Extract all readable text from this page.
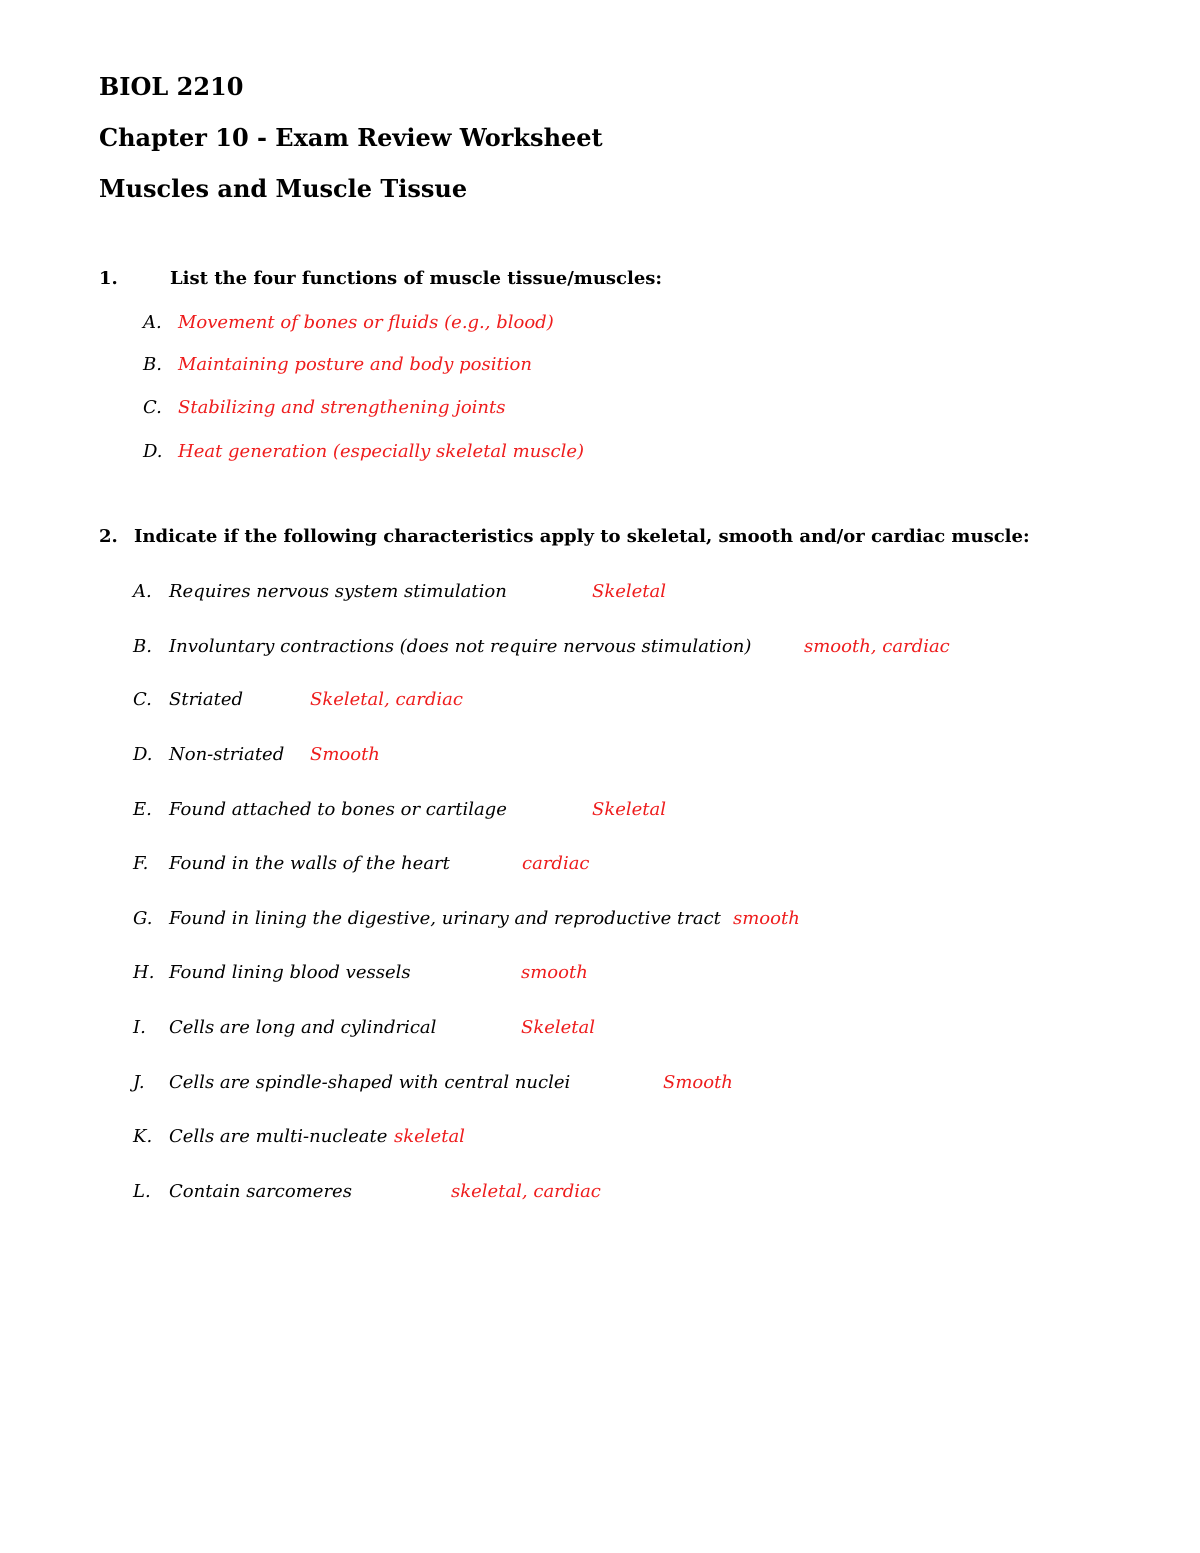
BIOL 2210
Chapter 10 - Exam Review Worksheet
Muscles and Muscle Tissue
1.	List the four functions of muscle tissue/muscles:
A. Movement of bones or fluids (e.g., blood)
B. Maintaining posture and body position
C. Stabilizing and strengthening joints
D. Heat generation (especially skeletal muscle)
2. Indicate if the following characteristics apply to skeletal, smooth and/or cardiac muscle:
A. Requires nervous system stimulation	Skeletal
B. Involuntary contractions (does not require nervous stimulation)	smooth, cardiac
C. Striated	Skeletal, cardiac
D. Non-striated Smooth
E. Found attached to bones or cartilage	Skeletal
F. Found in the walls of the heart	cardiac
G. Found in lining the digestive, urinary and reproductive tract smooth
H. Found lining blood vessels	smooth
I. Cells are long and cylindrical	Skeletal
J. Cells are spindle-shaped with central nuclei	Smooth
K. Cells are multi-nucleate skeletal
L. Contain sarcomeres	skeletal, cardiac
